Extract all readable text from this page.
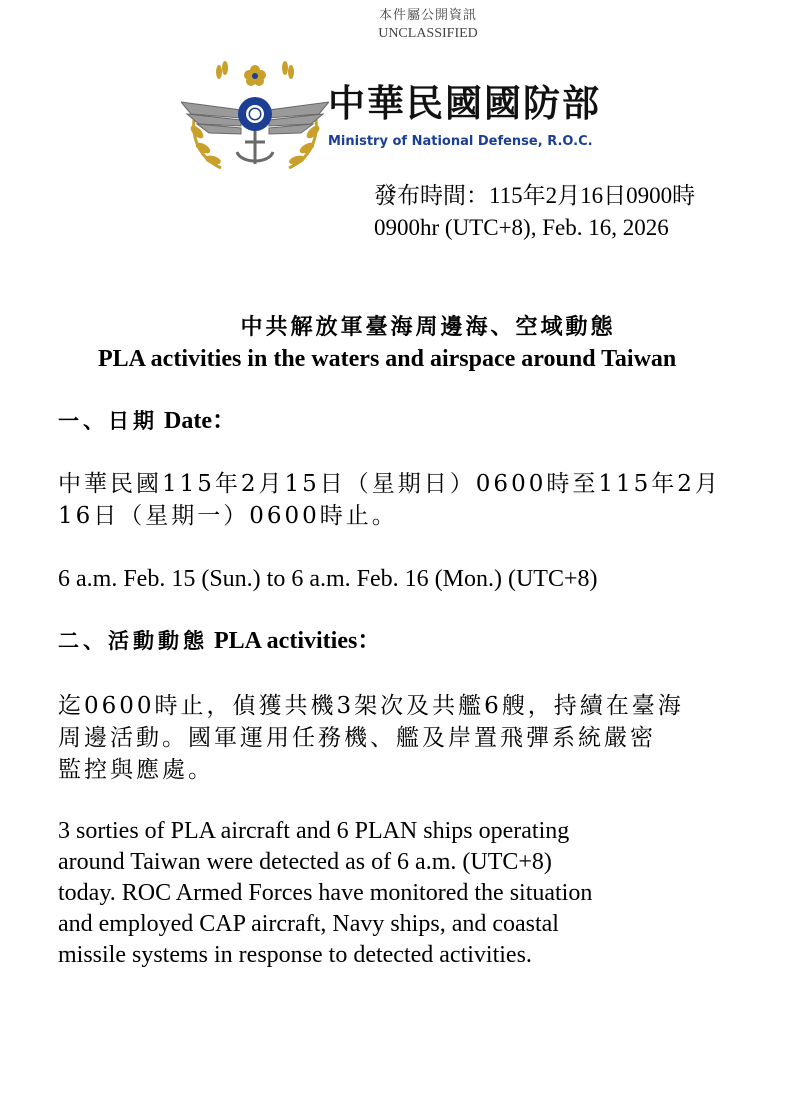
本件屬公開資訊
UNCLASSIFIED
中華民國國防部
Ministry of National Defense, R.O.C.
發布時間：115年2月16日0900時
0900hr (UTC+8), Feb. 16, 2026
中共解放軍臺海周邊海、空域動態
PLA activities in the waters and airspace around Taiwan
一、日期 Date：
中華民國115年2月15日（星期日）0600時至115年2月
16日（星期一）0600時止。
6 a.m. Feb. 15 (Sun.) to 6 a.m. Feb. 16 (Mon.) (UTC+8)
二、活動動態 PLA activities：
迄0600時止，偵獲共機3架次及共艦6艘，持續在臺海
周邊活動。國軍運用任務機、艦及岸置飛彈系統嚴密
監控與應處。
3 sorties of PLA aircraft and 6 PLAN ships operating
around Taiwan were detected as of 6 a.m. (UTC+8)
today. ROC Armed Forces have monitored the situation
and employed CAP aircraft, Navy ships, and coastal
missile systems in response to detected activities.
